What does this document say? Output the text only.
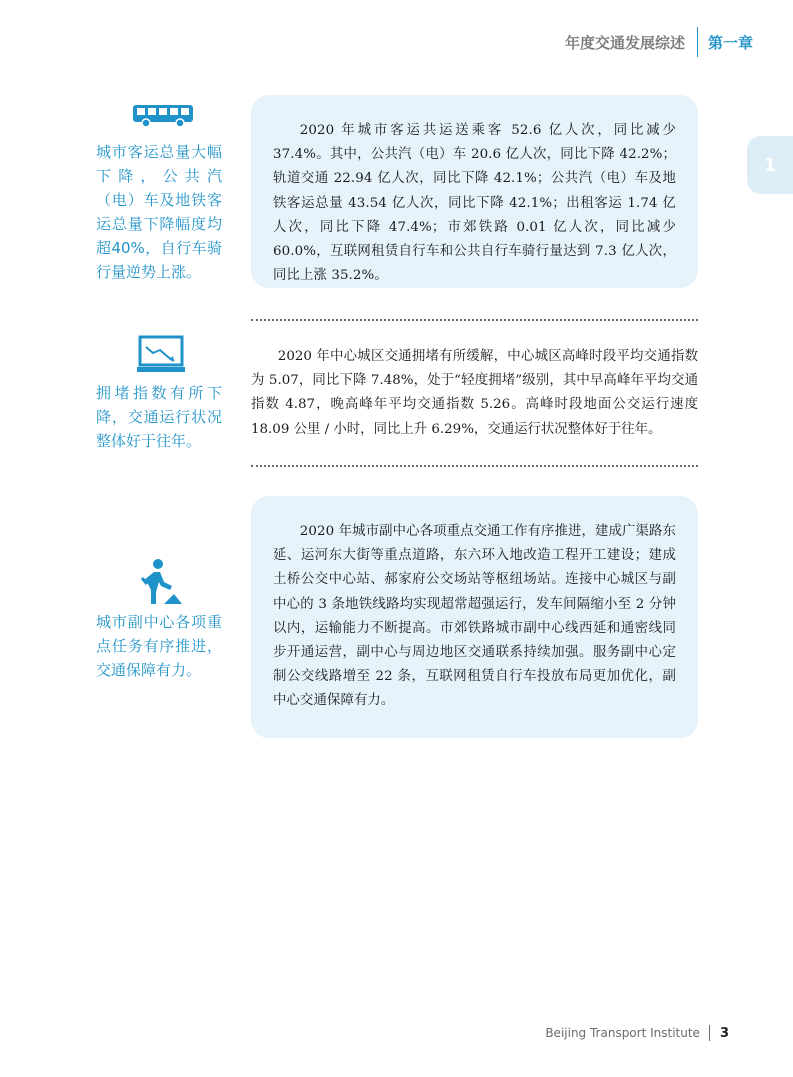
年度交通发展综述	第一章
1
城市客运总量大幅下降，公共汽（电）车及地铁客运总量下降幅度均超40%，自行车骑行量逆势上涨。

2020 年城市客运共运送乘客 52.6 亿人次，同比减少 37.4%。其中，公共汽（电）车 20.6 亿人次，同比下降 42.2%；轨道交通 22.94 亿人次，同比下降 42.1%；公共汽（电）车及地铁客运总量 43.54 亿人次，同比下降 42.1%；出租客运 1.74 亿人次，同比下降 47.4%；市郊铁路 0.01 亿人次，同比减少 60.0%，互联网租赁自行车和公共自行车骑行量达到 7.3 亿人次，同比上涨 35.2%。

拥堵指数有所下降，交通运行状况整体好于往年。

2020 年中心城区交通拥堵有所缓解，中心城区高峰时段平均交通指数为 5.07，同比下降 7.48%，处于“轻度拥堵”级别，其中早高峰年平均交通指数 4.87，晚高峰年平均交通指数 5.26。高峰时段地面公交运行速度 18.09 公里 / 小时，同比上升 6.29%，交通运行状况整体好于往年。

城市副中心各项重点任务有序推进，交通保障有力。

2020 年城市副中心各项重点交通工作有序推进，建成广渠路东延、运河东大街等重点道路，东六环入地改造工程开工建设；建成土桥公交中心站、郝家府公交场站等枢纽场站。连接中心城区与副中心的 3 条地铁线路均实现超常超强运行，发车间隔缩小至 2 分钟以内，运输能力不断提高。市郊铁路城市副中心线西延和通密线同步开通运营，副中心与周边地区交通联系持续加强。服务副中心定制公交线路增至 22 条，互联网租赁自行车投放布局更加优化，副中心交通保障有力。

Beijing Transport Institute	3
